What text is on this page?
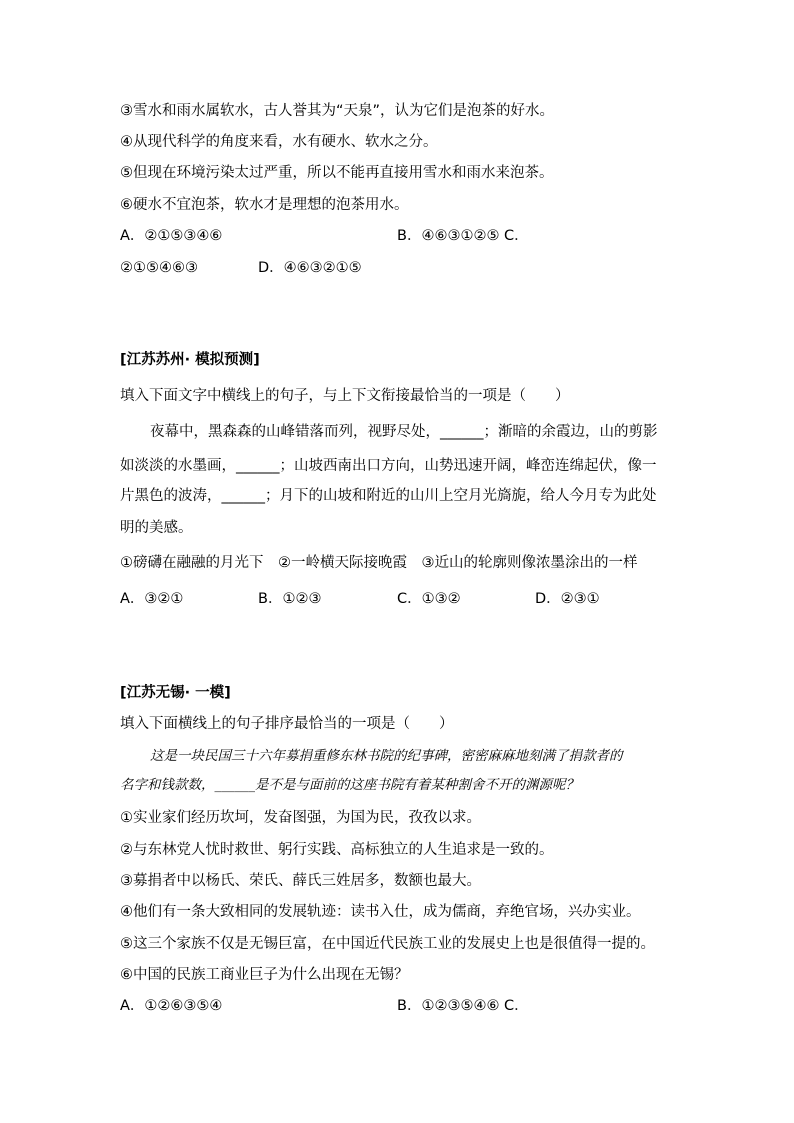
③雪水和雨水属软水，古人誉其为“天泉”，认为它们是泡茶的好水。
④从现代科学的角度来看，水有硬水、软水之分。
⑤但现在环境污染太过严重，所以不能再直接用雪水和雨水来泡茶。
⑥硬水不宜泡茶，软水才是理想的泡茶用水。
A．②①⑤③④⑥	B．④⑥③①②⑤ C．
②①⑤④⑥③	D．④⑥③②①⑤
[江苏苏州· 模拟预测]
填入下面文字中横线上的句子，与上下文衔接最恰当的一项是（　　）
夜幕中，黑森森的山峰错落而列，视野尽处，______；渐暗的余霞边，山的剪影
如淡淡的水墨画，______；山坡西南出口方向，山势迅速开阔，峰峦连绵起伏，像一
片黑色的波涛，______；月下的山坡和附近的山川上空月光旖旎，给人今月专为此处
明的美感。
①磅礴在融融的月光下　②一岭横天际接晚霞　③近山的轮廓则像浓墨涂出的一样
A．③②①	B．①②③	C．①③②	D．②③①
[江苏无锡· 一模]
填入下面横线上的句子排序最恰当的一项是（　　）
这是一块民国三十六年募捐重修东林书院的纪事碑，密密麻麻地刻满了捐款者的
名字和钱款数，______是不是与面前的这座书院有着某种割舍不开的渊源呢？
①实业家们经历坎坷，发奋图强，为国为民，孜孜以求。
②与东林党人忧时救世、躬行实践、高标独立的人生追求是一致的。
③募捐者中以杨氏、荣氏、薛氏三姓居多，数额也最大。
④他们有一条大致相同的发展轨迹：读书入仕，成为儒商，弃绝官场，兴办实业。
⑤这三个家族不仅是无锡巨富，在中国近代民族工业的发展史上也是很值得一提的。
⑥中国的民族工商业巨子为什么出现在无锡？
A．①②⑥③⑤④	B．①②③⑤④⑥ C．
